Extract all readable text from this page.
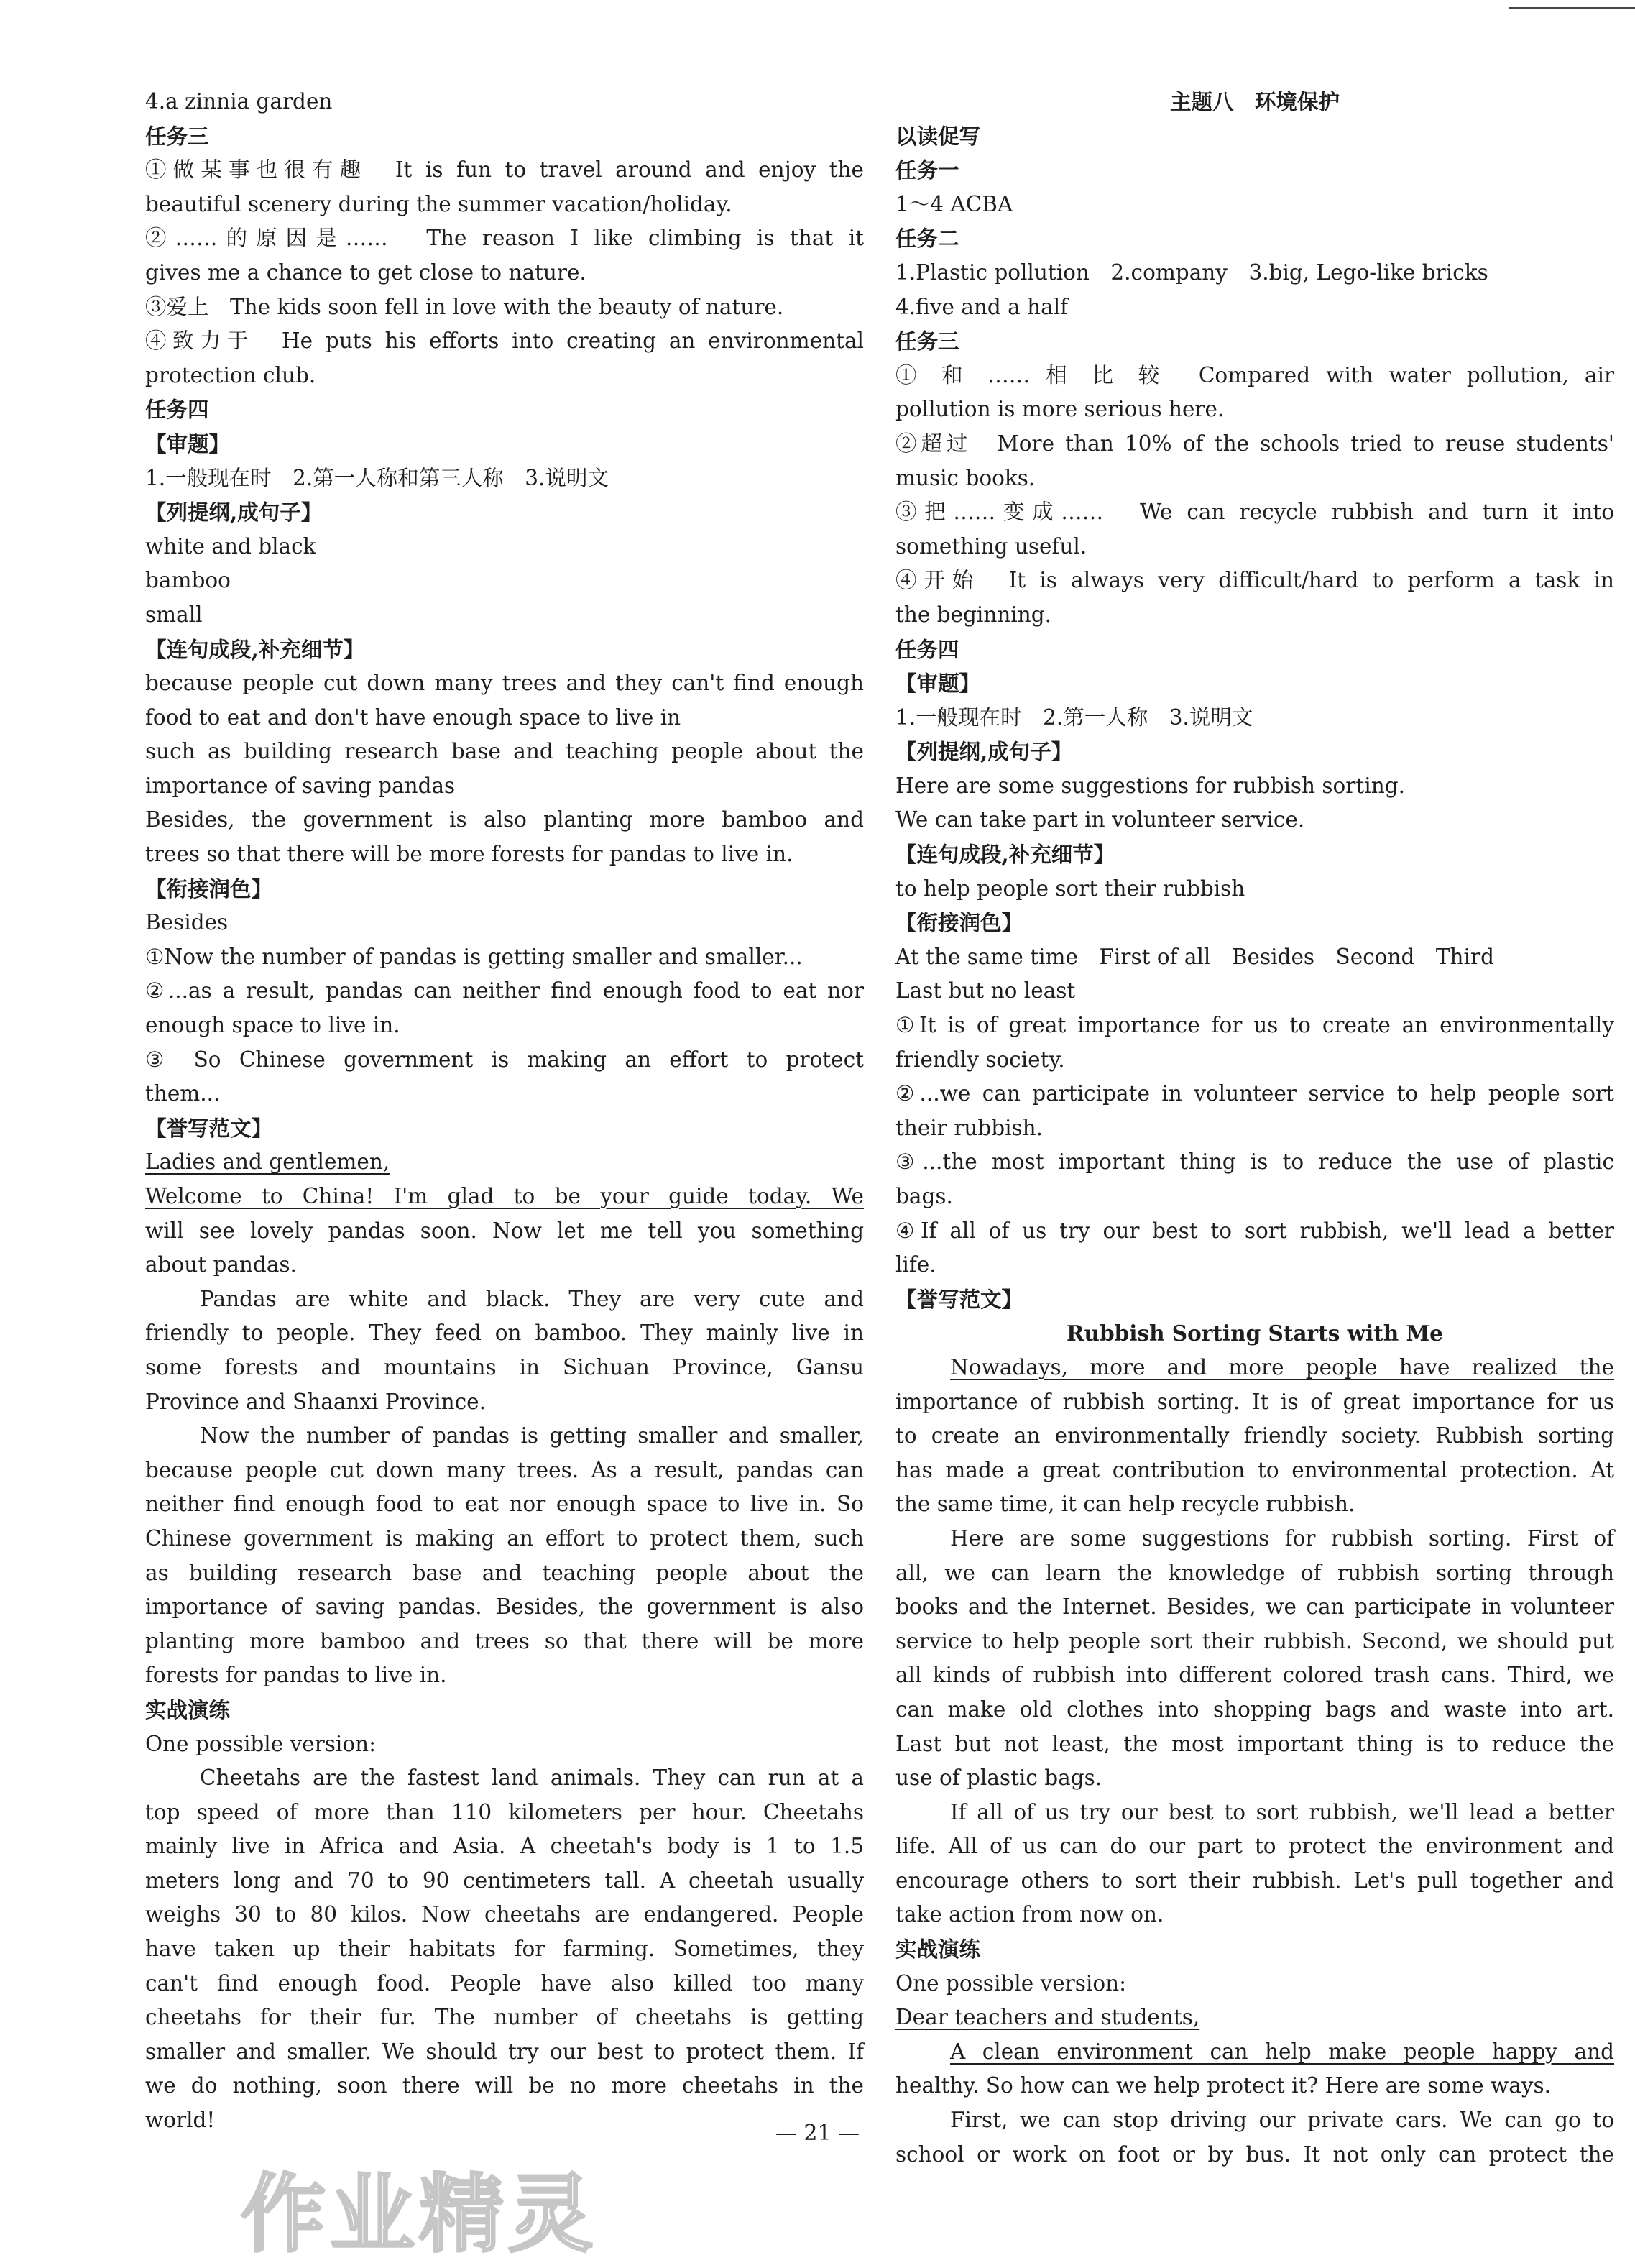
4.a zinnia garden

任务三

①做某事也很有趣　It is fun to travel around and enjoy the

beautiful scenery during the summer vacation/holiday.

②……的原因是……　The reason I like climbing is that it

gives me a chance to get close to nature.

③爱上　The kids soon fell in love with the beauty of nature.

④致力于　He puts his efforts into creating an environmental

protection club.

任务四

【审题】

1.一般现在时　2.第一人称和第三人称　3.说明文

【列提纲,成句子】

white and black

bamboo

small

【连句成段,补充细节】

because people cut down many trees and they can't find enough

food to eat and don't have enough space to live in

such as building research base and teaching people about the

importance of saving pandas

Besides, the government is also planting more bamboo and

trees so that there will be more forests for pandas to live in.

【衔接润色】

Besides

①Now the number of pandas is getting smaller and smaller...

②...as a result, pandas can neither find enough food to eat nor

enough space to live in.

③ So Chinese government is making an effort to protect

them...

【誉写范文】

Ladies and gentlemen,

Welcome to China! I'm glad to be your guide today. We

will see lovely pandas soon. Now let me tell you something

about pandas.

Pandas are white and black. They are very cute and

friendly to people. They feed on bamboo. They mainly live in

some forests and mountains in Sichuan Province, Gansu

Province and Shaanxi Province.

Now the number of pandas is getting smaller and smaller,

because people cut down many trees. As a result, pandas can

neither find enough food to eat nor enough space to live in. So

Chinese government is making an effort to protect them, such

as building research base and teaching people about the

importance of saving pandas. Besides, the government is also

planting more bamboo and trees so that there will be more

forests for pandas to live in.

实战演练

One possible version:

Cheetahs are the fastest land animals. They can run at a

top speed of more than 110 kilometers per hour. Cheetahs

mainly live in Africa and Asia. A cheetah's body is 1 to 1.5

meters long and 70 to 90 centimeters tall. A cheetah usually

weighs 30 to 80 kilos. Now cheetahs are endangered. People

have taken up their habitats for farming. Sometimes, they

can't find enough food. People have also killed too many

cheetahs for their fur. The number of cheetahs is getting

smaller and smaller. We should try our best to protect them. If

we do nothing, soon there will be no more cheetahs in the

world!

主题八　环境保护

以读促写

任务一

1～4 ACBA

任务二

1.Plastic pollution　2.company　3.big, Lego-like bricks

4.five and a half

任务三

① 和 …… 相 比 较　Compared with water pollution, air

pollution is more serious here.

②超过　More than 10% of the schools tried to reuse students'

music books.

③把……变成……　We can recycle rubbish and turn it into

something useful.

④开始　It is always very difficult/hard to perform a task in

the beginning.

任务四

【审题】

1.一般现在时　2.第一人称　3.说明文

【列提纲,成句子】

Here are some suggestions for rubbish sorting.

We can take part in volunteer service.

【连句成段,补充细节】

to help people sort their rubbish

【衔接润色】

At the same time　First of all　Besides　Second　Third

Last but no least

①It is of great importance for us to create an environmentally

friendly society.

②...we can participate in volunteer service to help people sort

their rubbish.

③...the most important thing is to reduce the use of plastic

bags.

④If all of us try our best to sort rubbish, we'll lead a better

life.

【誉写范文】

Rubbish Sorting Starts with Me

Nowadays, more and more people have realized the

importance of rubbish sorting. It is of great importance for us

to create an environmentally friendly society. Rubbish sorting

has made a great contribution to environmental protection. At

the same time, it can help recycle rubbish.

Here are some suggestions for rubbish sorting. First of

all, we can learn the knowledge of rubbish sorting through

books and the Internet. Besides, we can participate in volunteer

service to help people sort their rubbish. Second, we should put

all kinds of rubbish into different colored trash cans. Third, we

can make old clothes into shopping bags and waste into art.

Last but not least, the most important thing is to reduce the

use of plastic bags.

If all of us try our best to sort rubbish, we'll lead a better

life. All of us can do our part to protect the environment and

encourage others to sort their rubbish. Let's pull together and

take action from now on.

实战演练

One possible version:

Dear teachers and students,

A clean environment can help make people happy and

healthy. So how can we help protect it? Here are some ways.

First, we can stop driving our private cars. We can go to

school or work on foot or by bus. It not only can protect the

— 21 —
作业精灵
